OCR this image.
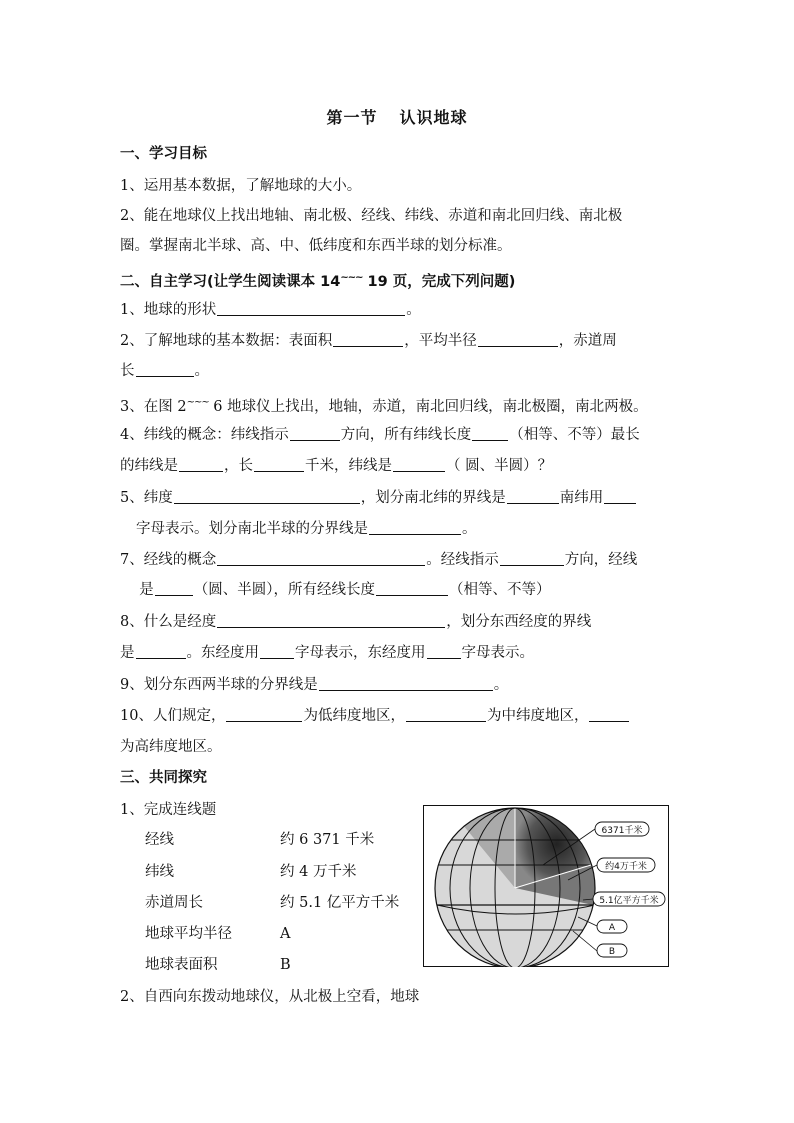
第一节 认识地球
一、学习目标
1、运用基本数据，了解地球的大小。
2、能在地球仪上找出地轴、南北极、经线、纬线、赤道和南北回归线、南北极
圈。掌握南北半球、高、中、低纬度和东西半球的划分标准。
二、自主学习(让学生阅读课本 14~~~ 19 页，完成下列问题)
1、地球的形状	。
2、了解地球的基本数据：表面积	，平均半径	，赤道周
长	。
3、在图 2~~~ 6 地球仪上找出，地轴，赤道，南北回归线，南北极圈，南北两极。
4、纬线的概念：纬线指示	方向，所有纬线长度	（相等、不等）最长
的纬线是	，长	千米，纬线是	（ 圆、半圆）？
5、纬度	，划分南北纬的界线是	南纬用
字母表示。划分南北半球的分界线是	。
7、经线的概念	。经线指示	方向，经线
是	（圆、半圆），所有经线长度	（相等、不等）
8、什么是经度	，划分东西经度的界线
是	。东经度用 字母表示，东经度用 字母表示。
9、划分东西两半球的分界线是	。
10、人们规定，	为低纬度地区，	为中纬度地区，
为高纬度地区。
三、共同探究
1、完成连线题
经线	约 6 371 千米
纬线	约 4 万千米
赤道周长	约 5.1 亿平方千米
地球平均半径	A
地球表面积	B
2、自西向东拨动地球仪，从北极上空看，地球
6371千米
约4万千米
5.1亿平方千米
A
B
